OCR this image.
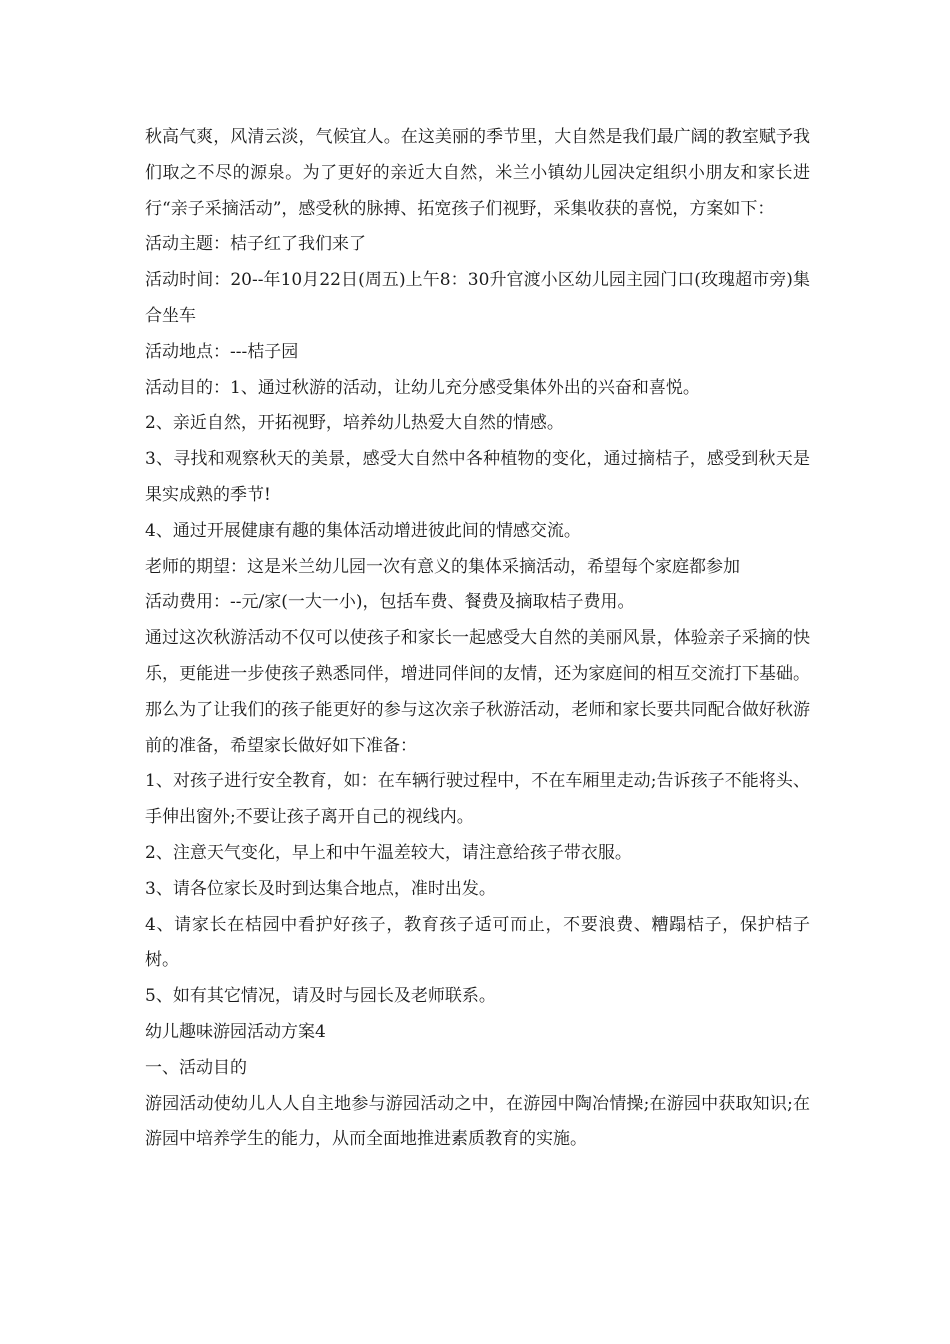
秋高气爽，风清云淡，气候宜人。在这美丽的季节里，大自然是我们最广阔的教室赋予我们取之不尽的源泉。为了更好的亲近大自然，米兰小镇幼儿园决定组织小朋友和家长进行“亲子采摘活动”，感受秋的脉搏、拓宽孩子们视野，采集收获的喜悦，方案如下：

活动主题：桔子红了我们来了

活动时间：20--年10月22日(周五)上午8：30升官渡小区幼儿园主园门口(玫瑰超市旁)集合坐车

活动地点：---桔子园

活动目的：1、通过秋游的活动，让幼儿充分感受集体外出的兴奋和喜悦。

2、亲近自然，开拓视野，培养幼儿热爱大自然的情感。

3、寻找和观察秋天的美景，感受大自然中各种植物的变化，通过摘桔子，感受到秋天是果实成熟的季节!

4、通过开展健康有趣的集体活动增进彼此间的情感交流。

老师的期望：这是米兰幼儿园一次有意义的集体采摘活动，希望每个家庭都参加

活动费用：--元/家(一大一小)，包括车费、餐费及摘取桔子费用。

通过这次秋游活动不仅可以使孩子和家长一起感受大自然的美丽风景，体验亲子采摘的快乐，更能进一步使孩子熟悉同伴，增进同伴间的友情，还为家庭间的相互交流打下基础。那么为了让我们的孩子能更好的参与这次亲子秋游活动，老师和家长要共同配合做好秋游前的准备，希望家长做好如下准备：

1、对孩子进行安全教育，如：在车辆行驶过程中，不在车厢里走动;告诉孩子不能将头、手伸出窗外;不要让孩子离开自己的视线内。

2、注意天气变化，早上和中午温差较大，请注意给孩子带衣服。

3、请各位家长及时到达集合地点，准时出发。

4、请家长在桔园中看护好孩子，教育孩子适可而止，不要浪费、糟蹋桔子，保护桔子树。

5、如有其它情况，请及时与园长及老师联系。

幼儿趣味游园活动方案4

一、活动目的

游园活动使幼儿人人自主地参与游园活动之中，在游园中陶冶情操;在游园中获取知识;在游园中培养学生的能力，从而全面地推进素质教育的实施。
